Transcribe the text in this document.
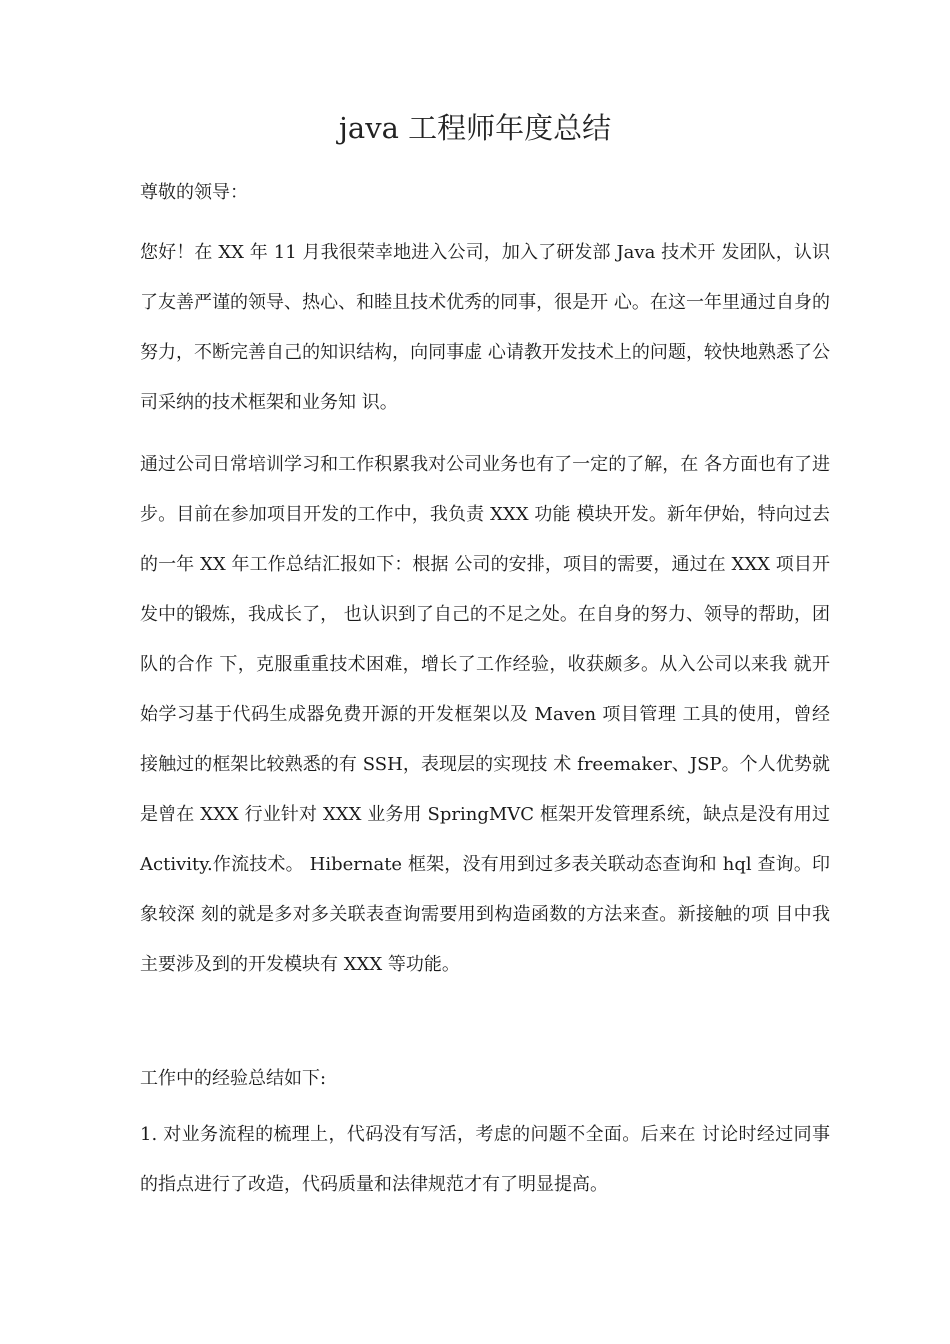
java 工程师年度总结

尊敬的领导：

您好！在 XX 年 11 月我很荣幸地进入公司，加入了研发部 Java 技术开 发团队，认识了友善严谨的领导、热心、和睦且技术优秀的同事，很是开 心。在这一年里通过自身的努力，不断完善自己的知识结构，向同事虚 心请教开发技术上的问题，较快地熟悉了公司采纳的技术框架和业务知 识。

通过公司日常培训学习和工作积累我对公司业务也有了一定的了解，在 各方面也有了进步。目前在参加项目开发的工作中，我负责 XXX 功能 模块开发。新年伊始，特向过去的一年 XX 年工作总结汇报如下：根据 公司的安排，项目的需要，通过在 XXX 项目开发中的锻炼，我成长了， 也认识到了自己的不足之处。在自身的努力、领导的帮助，团队的合作 下，克服重重技术困难，增长了工作经验，收获颇多。从入公司以来我 就开始学习基于代码生成器免费开源的开发框架以及 Maven 项目管理 工具的使用，曾经接触过的框架比较熟悉的有 SSH，表现层的实现技 术 freemaker、JSP。个人优势就是曾在 XXX 行业针对 XXX 业务用 SpringMVC 框架开发管理系统，缺点是没有用过 Activity.作流技术。 Hibernate 框架，没有用到过多表关联动态查询和 hql 查询。印象较深 刻的就是多对多关联表查询需要用到构造函数的方法来查。新接触的项 目中我主要涉及到的开发模块有 XXX 等功能。

工作中的经验总结如下:

1. 对业务流程的梳理上，代码没有写活，考虑的问题不全面。后来在 讨论时经过同事的指点进行了改造，代码质量和法律规范才有了明显提高。
